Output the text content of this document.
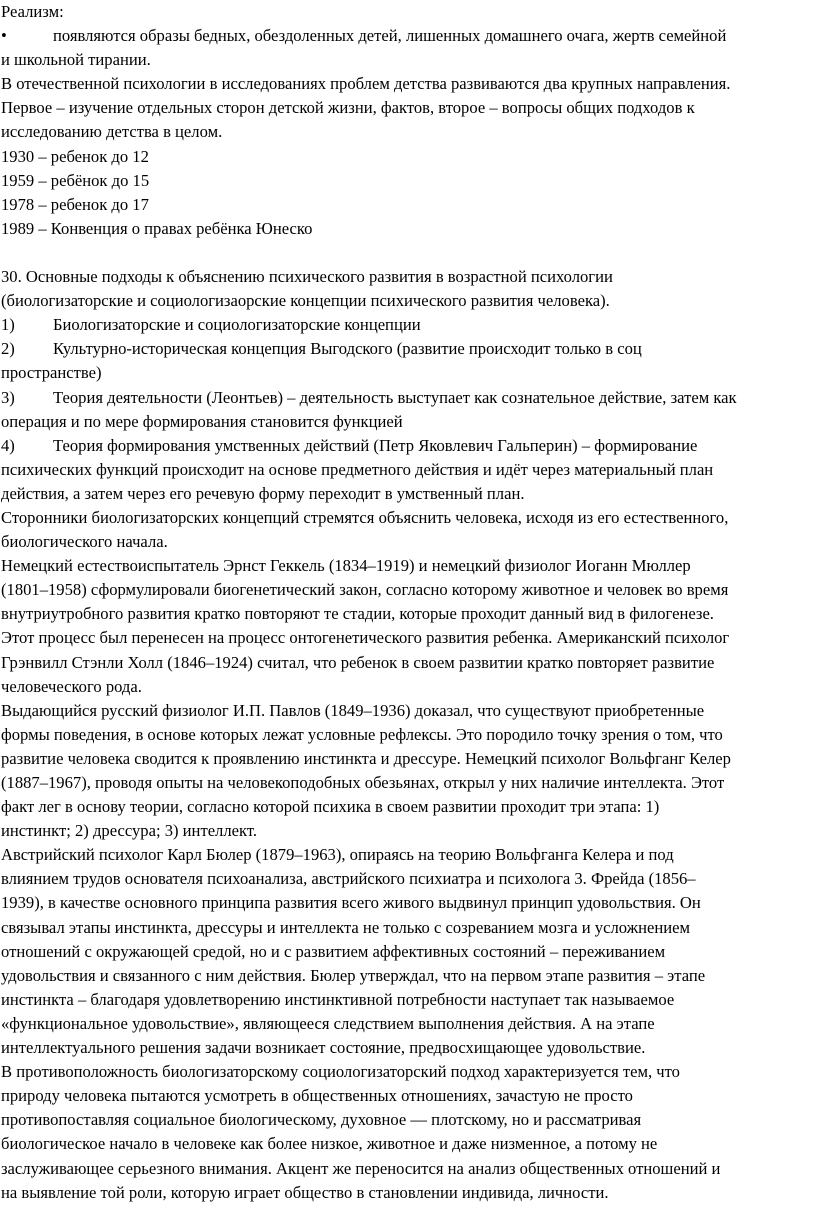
Реализм:
•	появляются образы бедных, обездоленных детей, лишенных домашнего очага, жертв семейной
и школьной тирании.
В отечественной психологии в исследованиях проблем детства развиваются два крупных направления.
Первое – изучение отдельных сторон детской жизни, фактов, второе – вопросы общих подходов к
исследованию детства в целом.
1930 – ребенок до 12
1959 – ребёнок до 15
1978 – ребенок до 17
1989 – Конвенция о правах ребёнка Юнеско
30. Основные подходы к объяснению психического развития в возрастной психологии
(биологизаторские и социологизаорские концепции психического развития человека).
1) Биологизаторские и социологизаторские концепции
2) Культурно-историческая концепция Выгодского (развитие происходит только в соц
пространстве)
3) Теория деятельности (Леонтьев) – деятельность выступает как сознательное действие, затем как
операция и по мере формирования становится функцией
4) Теория формирования умственных действий (Петр Яковлевич Гальперин) – формирование
психических функций происходит на основе предметного действия и идёт через материальный план
действия, а затем через его речевую форму переходит в умственный план.
Сторонники биологизаторских концепций стремятся объяснить человека, исходя из его естественного,
биологического начала.
Немецкий естествоиспытатель Эрнст Геккель (1834–1919) и немецкий физиолог Иоганн Мюллер
(1801–1958) сформулировали биогенетический закон, согласно которому животное и человек во время
внутриутробного развития кратко повторяют те стадии, которые проходит данный вид в филогенезе.
Этот процесс был перенесен на процесс онтогенетического развития ребенка. Американский психолог
Грэнвилл Стэнли Холл (1846–1924) считал, что ребенок в своем развитии кратко повторяет развитие
человеческого рода.
Выдающийся русский физиолог И.П. Павлов (1849–1936) доказал, что существуют приобретенные
формы поведения, в основе которых лежат условные рефлексы. Это породило точку зрения о том, что
развитие человека сводится к проявлению инстинкта и дрессуре. Немецкий психолог Вольфганг Келер
(1887–1967), проводя опыты на человекоподобных обезьянах, открыл у них наличие интеллекта. Этот
факт лег в основу теории, согласно которой психика в своем развитии проходит три этапа: 1)
инстинкт; 2) дрессура; 3) интеллект.
Австрийский психолог Карл Бюлер (1879–1963), опираясь на теорию Вольфганга Келера и под
влиянием трудов основателя психоанализа, австрийского психиатра и психолога 3. Фрейда (1856–
1939), в качестве основного принципа развития всего живого выдвинул принцип удовольствия. Он
связывал этапы инстинкта, дрессуры и интеллекта не только с созреванием мозга и усложнением
отношений с окружающей средой, но и с развитием аффективных состояний – переживанием
удовольствия и связанного с ним действия. Бюлер утверждал, что на первом этапе развития – этапе
инстинкта – благодаря удовлетворению инстинктивной потребности наступает так называемое
«функциональное удовольствие», являющееся следствием выполнения действия. А на этапе
интеллектуального решения задачи возникает состояние, предвосхищающее удовольствие.
В противоположность биологизаторскому социологизаторский подход характеризуется тем, что
природу человека пытаются усмотреть в общественных отношениях, зачастую не просто
противопоставляя социальное биологическому, духовное — плотскому, но и рассматривая
биологическое начало в человеке как более низкое, животное и даже низменное, а потому не
заслуживающее серьезного внимания. Акцент же переносится на анализ общественных отношений и
на выявление той роли, которую играет общество в становлении индивида, личности.
